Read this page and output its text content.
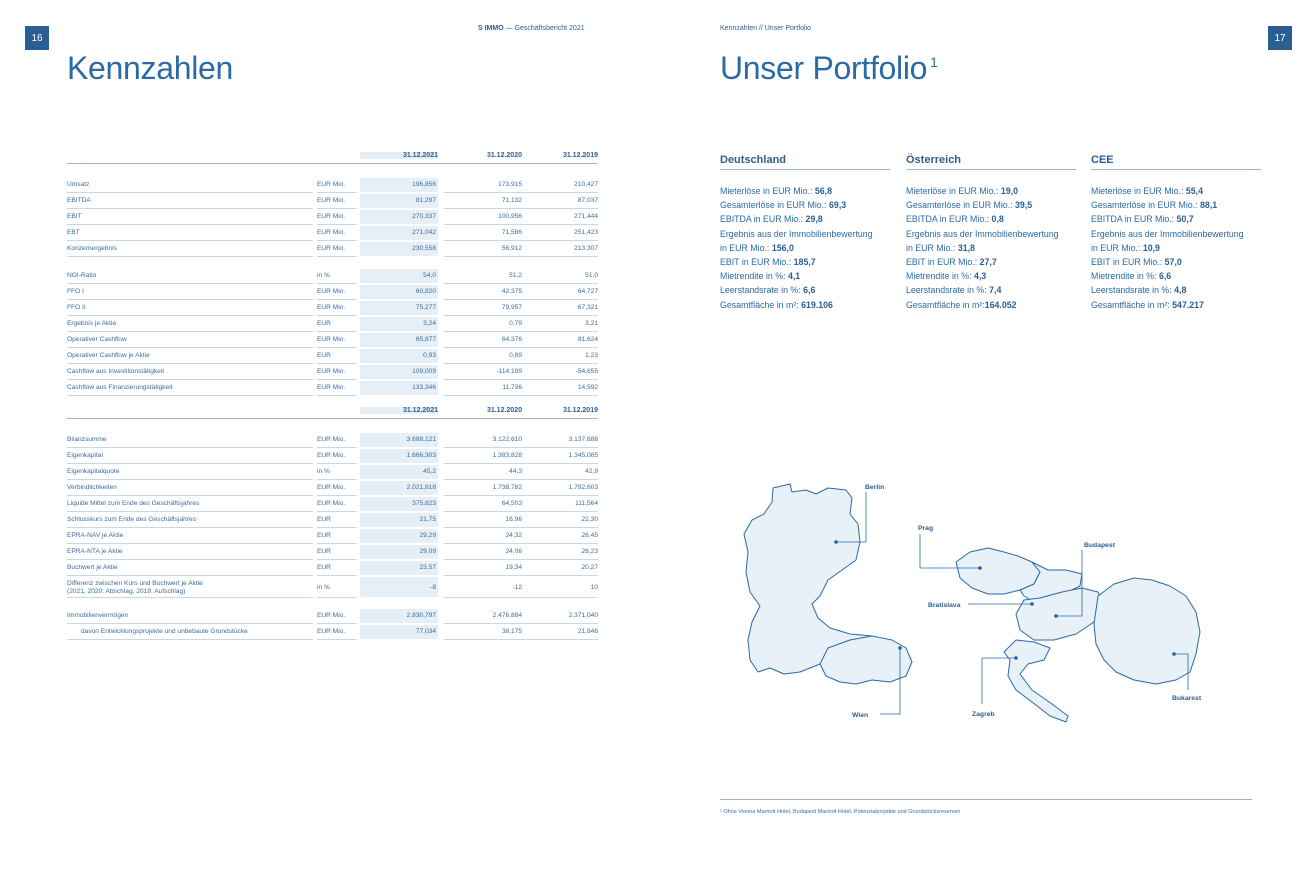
16
S IMMO — Geschäftsbericht 2021
Kennzahlen
31.12.2021	31.12.2020	31.12.2019
Umsatz	EUR Mio.	196,856	173,915	210,427
EBITDA	EUR Mio.	81,297	71,132	87,037
EBIT	EUR Mio.	270,337	100,956	271,444
EBT	EUR Mio.	271,042	71,586	251,423
Konzernergebnis	EUR Mio.	230,558	56,912	213,307
NOI-Ratio	in %	54,0	51,2	51,0
FFO I	EUR Mio.	60,820	42,375	64,727
FFO II	EUR Mio.	75,277	79,957	67,321
Ergebnis je Aktie	EUR	3,24	0,79	3,21
Operativer Cashflow	EUR Mio.	65,877	64,376	81,624
Operativer Cashflow je Aktie	EUR	0,93	0,89	1,23
Cashflow aus Investitionstätigkeit	EUR Mio.	109,009	-114,199	-54,655
Cashflow aus Finanzierungstätigkeit	EUR Mio.	133,346	11,736	14,592
31.12.2021	31.12.2020	31.12.2019
Bilanzsumme	EUR Mio.	3.688,121	3.122,610	3.137,688
Eigenkapital	EUR Mio.	1.666,303	1.383,828	1.345,085
Eigenkapitalquote	in %	45,2	44,3	42,9
Verbindlichkeiten	EUR Mio.	2.021,818	1.738,782	1.792,603
Liquide Mittel zum Ende des Geschäftsjahres	EUR Mio.	375,823	64,503	111,564
Schlusskurs zum Ende des Geschäftsjahres	EUR	21,75	16,96	22,30
EPRA-NAV je Aktie	EUR	29,29	24,32	26,45
EPRA-NTA je Aktie	EUR	29,09	24,06	26,23
Buchwert je Aktie	EUR	23,57	19,34	20,27
Differenz zwischen Kurs und Buchwert je Aktie
(2021, 2020: Abschlag, 2019: Aufschlag)
in %	-8	-12	10
Immobilienvermögen	EUR Mio.	2.830,797	2.476,884	2.371,040
davon Entwicklungsprojekte und unbebaute Grundstücke	EUR Mio.	77,034	38,175	21,846
Kennzahlen // Unser Portfolio
17
Unser Portfolio $^1$
Deutschland
Mieterlöse in EUR Mio.: 56,8
Gesamterlöse in EUR Mio.: 69,3
EBITDA in EUR Mio.: 29,8
Ergebnis aus der Immobilienbewertung
in EUR Mio.: 156,0
EBIT in EUR Mio.: 185,7
Mietrendite in %: 4,1
Leerstandsrate in %: 6,6
Gesamtfläche in m²: 619.106
Österreich
Mieterlöse in EUR Mio.: 19,0
Gesamterlöse in EUR Mio.: 39,5
EBITDA in EUR Mio.: 0,8
Ergebnis aus der Immobilienbewertung
in EUR Mio.: 31,8
EBIT in EUR Mio.: 27,7
Mietrendite in %: 4,3
Leerstandsrate in %: 7,4
Gesamtfläche in m²:164.052
CEE
Mieterlöse in EUR Mio.: 55,4
Gesamterlöse in EUR Mio.: 88,1
EBITDA in EUR Mio.: 50,7
Ergebnis aus der Immobilienbewertung
in EUR Mio.: 10,9
EBIT in EUR Mio.: 57,0
Mietrendite in %: 6,6
Leerstandsrate in %: 4,8
Gesamtfläche in m²: 547.217
Berlin
Prag
Budapest
Bratislava
Wien	Zagreb
Bukarest
¹ Ohne Vienna Marriott Hotel, Budapest Marriott Hotel, Potenzialprojekte und Grundstücksreserven
